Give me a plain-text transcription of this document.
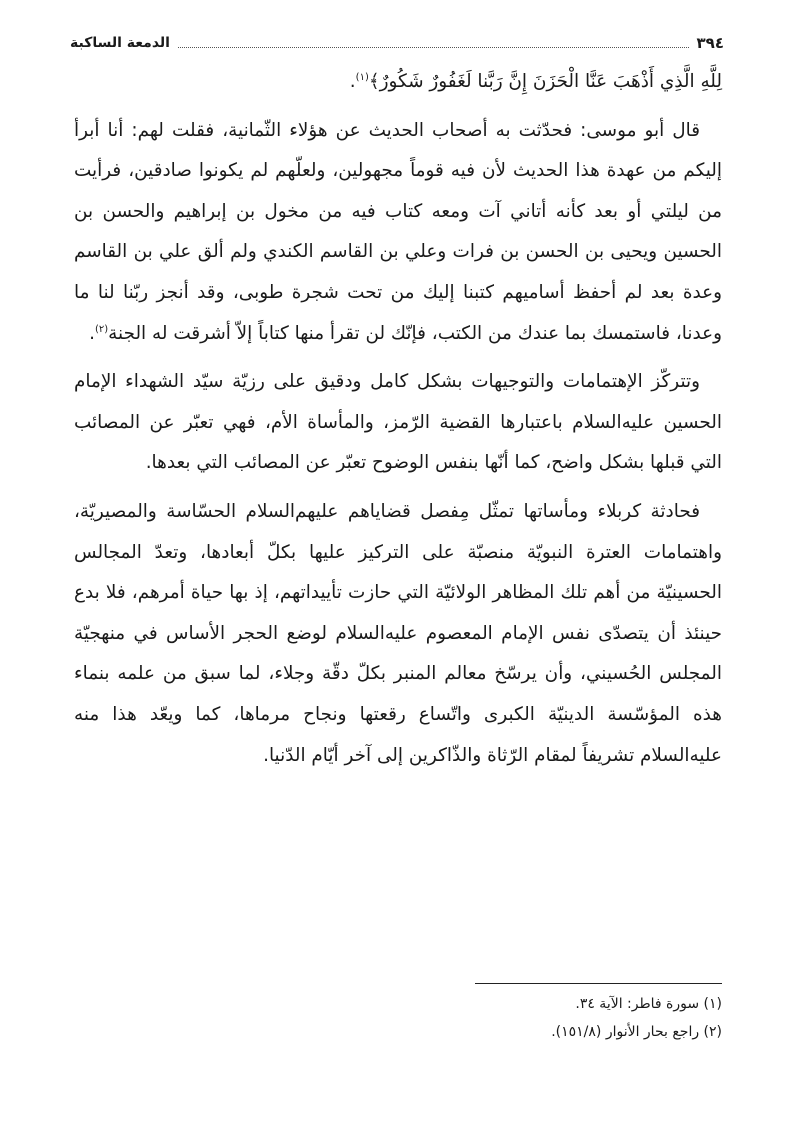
٣٩٤
الدمعة الساكبة

لِلَّهِ الَّذِي أَذْهَبَ عَنَّا الْحَزَنَ إِنَّ رَبَّنا لَغَفُورٌ شَكُورٌ﴾$^{(١)}$.

قال أبو موسى: فحدّثت به أصحاب الحديث عن هؤلاء الثّمانية، فقلت لهم: أنا أبرأ إليكم من عهدة هذا الحديث لأن فيه قوماً مجهولين، ولعلّهم لم يكونوا صادقين، فرأيت من ليلتي أو بعد كأنه أتاني آت ومعه كتاب فيه من مخول بن إبراهيم والحسن بن الحسين ويحيى بن الحسن بن فرات وعلي بن القاسم الكندي ولم ألق علي بن القاسم وعدة بعد لم أحفظ أساميهم كتبنا إليك من تحت شجرة طوبى، وقد أنجز ربّنا لنا ما وعدنا، فاستمسك بما عندك من الكتب، فإنّك لن تقرأ منها كتاباً إلاّ أشرقت له الجنة$^{(٢)}$.

وتتركّز الإهتمامات والتوجيهات بشكل كامل ودقيق على رزيّة سيّد الشهداء الإمام الحسين عليه‌السلام باعتبارها القضية الرّمز، والمأساة الأم، فهي تعبّر عن المصائب التي قبلها بشكل واضح، كما أنّها بنفس الوضوح تعبّر عن المصائب التي بعدها.

فحادثة كربلاء ومأساتها تمثّل مِفصل قضاياهم عليهم‌السلام الحسّاسة والمصيريّة، واهتمامات العترة النبويّة منصبّة على التركيز عليها بكلّ أبعادها، وتعدّ المجالس الحسينيّة من أهم تلك المظاهر الولائيّة التي حازت تأييداتهم، إذ بها حياة أمرهم، فلا بدع حينئذ أن يتصدّى نفس الإمام المعصوم عليه‌السلام لوضع الحجر الأساس في منهجيّة المجلس الحُسيني، وأن يرسّخ معالم المنبر بكلّ دقّة وجلاء، لما سبق من علمه بنماء هذه المؤسّسة الدينيّة الكبرى واتّساع رقعتها ونجاح مرماها، كما ويعّد هذا منه عليه‌السلام تشريفاً لمقام الرّثاة والذّاكرين إلى آخر أيّام الدّنيا.

(١) سورة فاطر: الآية ٣٤.
(٢) راجع بحار الأنوار (١٥١/٨).
